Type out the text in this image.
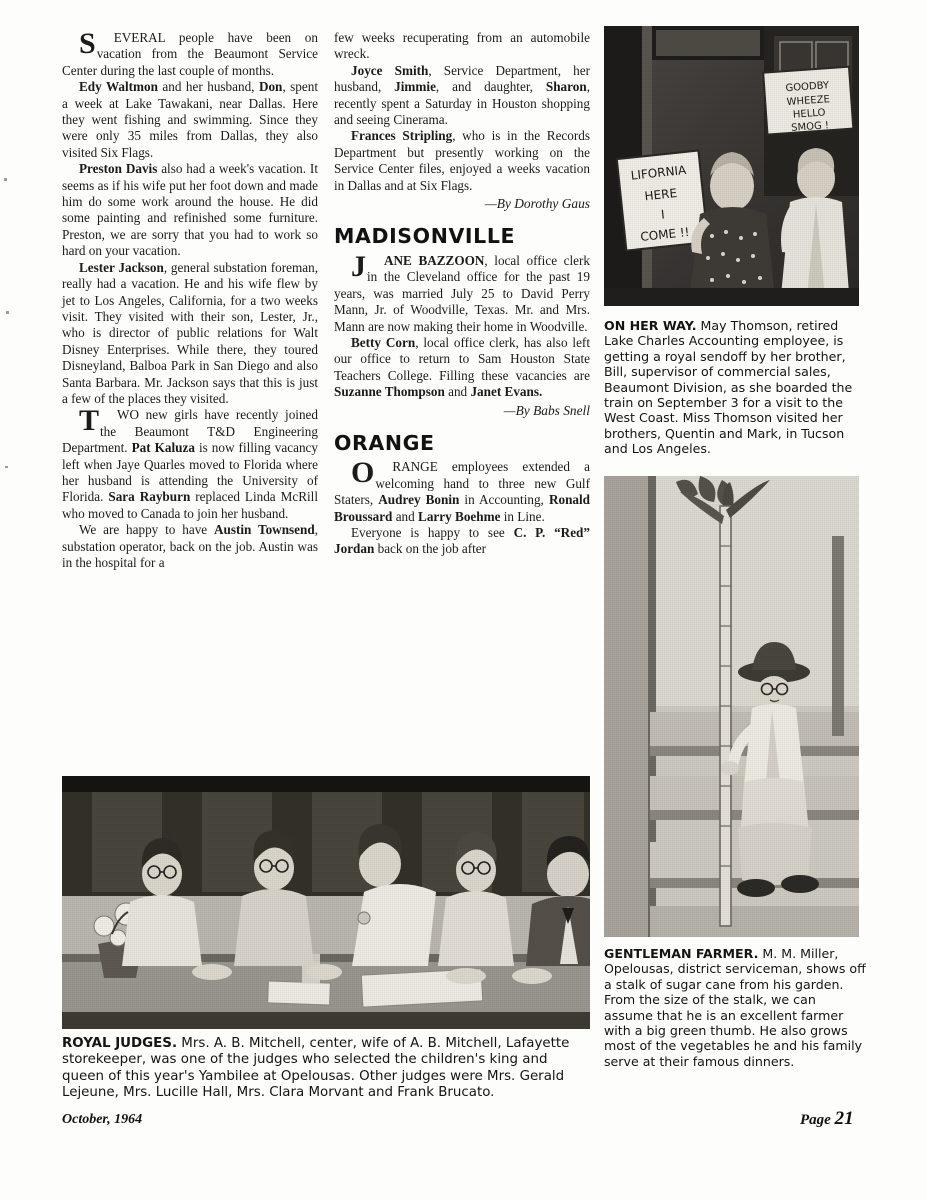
S EVERAL people have been on vacation from the Beaumont Service Center during the last couple of months.

Edy Waltmon and her husband, Don, spent a week at Lake Tawakani, near Dallas. Here they went fishing and swimming. Since they were only 35 miles from Dallas, they also visited Six Flags.

Preston Davis also had a week's vacation. It seems as if his wife put her foot down and made him do some work around the house. He did some painting and refinished some furniture. Preston, we are sorry that you had to work so hard on your vacation.

Lester Jackson, general substation foreman, really had a vacation. He and his wife flew by jet to Los Angeles, California, for a two weeks visit. They visited with their son, Lester, Jr., who is director of public relations for Walt Disney Enterprises. While there, they toured Disneyland, Balboa Park in San Diego and also Santa Barbara. Mr. Jackson says that this is just a few of the places they visited.

T WO new girls have recently joined the Beaumont T&D Engineering Department. Pat Kaluza is now filling vacancy left when Jaye Quarles moved to Florida where her husband is attending the University of Florida. Sara Rayburn replaced Linda McRill who moved to Canada to join her husband.

We are happy to have Austin Townsend, substation operator, back on the job. Austin was in the hospital for a

few weeks recuperating from an automobile wreck.

Joyce Smith, Service Department, her husband, Jimmie, and daughter, Sharon, recently spent a Saturday in Houston shopping and seeing Cinerama.

Frances Stripling, who is in the Records Department but presently working on the Service Center files, enjoyed a weeks vacation in Dallas and at Six Flags.

—By Dorothy Gaus
MADISONVILLE

J ANE BAZZOON, local office clerk in the Cleveland office for the past 19 years, was married July 25 to David Perry Mann, Jr. of Woodville, Texas. Mr. and Mrs. Mann are now making their home in Woodville.

Betty Corn, local office clerk, has also left our office to return to Sam Houston State Teachers College. Filling these vacancies are Suzanne Thompson and Janet Evans.

—By Babs Snell
ORANGE

O RANGE employees extended a welcoming hand to three new Gulf Staters, Audrey Bonin in Accounting, Ronald Broussard and Larry Boehme in Line.

Everyone is happy to see C. P. “Red” Jordan back on the job after

GOODBY
WHEEZE
HELLO
SMOG !
LIFORNIA
HERE
I
COME !!
ON HER WAY. May Thomson, retired Lake Charles Accounting employee, is getting a royal sendoff by her brother, Bill, supervisor of commercial sales, Beaumont Division, as she boarded the train on September 3 for a visit to the West Coast. Miss Thomson visited her brothers, Quentin and Mark, in Tucson and Los Angeles.
GENTLEMAN FARMER. M. M. Miller, Opelousas, district serviceman, shows off a stalk of sugar cane from his garden. From the size of the stalk, we can assume that he is an excellent farmer with a big green thumb. He also grows most of the vegetables he and his family serve at their famous dinners.
ROYAL JUDGES. Mrs. A. B. Mitchell, center, wife of A. B. Mitchell, Lafayette storekeeper, was one of the judges who selected the children's king and queen of this year's Yambilee at Opelousas. Other judges were Mrs. Gerald Lejeune, Mrs. Lucille Hall, Mrs. Clara Morvant and Frank Brucato.
October, 1964	Page 21
